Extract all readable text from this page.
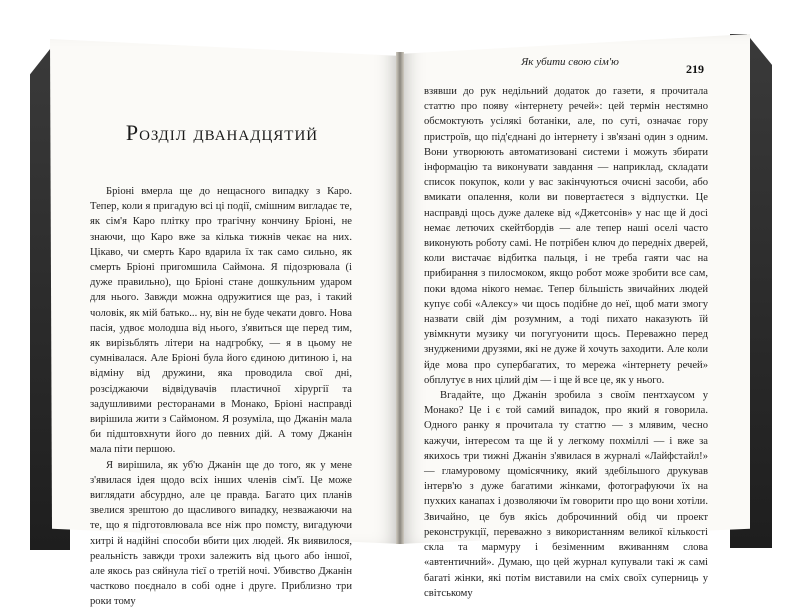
Розділ дванадцятий

Бріоні вмерла ще до нещасного випадку з Каро. Тепер, коли я пригадую всі ці події, смішним вигладає те, як сім'я Каро плітку про трагічну кончину Бріоні, не знаючи, що Каро вже за кілька тижнів чекає на них. Цікаво, чи смерть Каро вдарила їх так само сильно, як смерть Бріоні пригомшила Саймона. Я підозрювала (і дуже правильно), що Бріоні стане дошкульним ударом для нього. Завжди можна одружитися ще раз, і такий чоловік, як мій батько... ну, він не буде чекати довго. Нова пасія, удвоє молодша від нього, з'явиться ще перед тим, як вирізьблять літери на надгробку, — я в цьому не сумнівалася. Але Бріоні була його єдиною дитиною і, на відміну від дружини, яка проводила свої дні, розсіджаючи відвідувачів пластичної хірургії та задушливими ресторанами в Монако, Бріоні насправді вирішила жити з Саймоном. Я розуміла, що Джанін мала би підштовхнути його до певних дій. А тому Джанін мала піти першою.

Я вирішила, як уб'ю Джанін ще до того, як у мене з'явилася ідея щодо всіх інших членів сім'ї. Це може виглядати абсурдно, але це правда. Багато цих планів звелися зрештою до щасливого випадку, незважаючи на те, що я підготовлювала все ніж про помсту, вигадуючи хитрі й надійні способи вбити цих людей. Як виявилося, реальність завжди трохи залежить від цього або іншої, але якось раз сяйнула тієї о третій ночі. Убивство Джанін частково поєднало в собі одне і друге. Приблизно три роки тому

Як убити свою сім'ю	219

взявши до рук недільний додаток до газети, я прочитала статтю про появу «інтернету речей»: цей термін нестямно обсмоктують усілякі ботаніки, але, по суті, означає гору пристроїв, що під'єднані до інтернету і зв'язані один з одним. Вони утворюють автоматизовані системи і можуть збирати інформацію та виконувати завдання — наприклад, складати список покупок, коли у вас закінчуються очисні засоби, або вмикати опалення, коли ви повертаєтеся з відпустки. Це насправді щось дуже далеке від «Джетсонів» у нас ще й досі немає летючих скейтбордів — але тепер наші оселі часто виконують роботу самі. Не потрібен ключ до передніх дверей, коли вистачає відбитка пальця, і не треба гаяти час на прибирання з пилосмоком, якщо робот може зробити все сам, поки вдома нікого немає. Тепер більшість звичайних людей купує собі «Алексу» чи щось подібне до неї, щоб мати змогу назвати свій дім розумним, а тоді пихато наказують їй увімкнути музику чи погугуонити щось. Переважно перед знудженими друзями, які не дуже й хочуть заходити. Але коли йде мова про супербагатих, то мережа «інтернету речей» обплутує в них цілий дім — і ще й все це, як у нього.

Вгадайте, що Джанін зробила з своїм пентхаусом у Монако? Це і є той самий випадок, про який я говорила. Одного ранку я прочитала ту статтю — з млявим, чесно кажучи, інтересом та ще й у легкому похміллі — і вже за якихось три тижні Джанін з'явилася в журналі «Лайфстайл!» — гламуровому щомісячнику, який здебільшого друкував інтерв'ю з дуже багатими жінками, фотографуючи їх на пухких канапах і дозволяючи їм говорити про що вони хотіли. Звичайно, це був якісь доброчинний обід чи проект реконструкції, переважно з використанням великої кількості скла та мармуру і безіменним вживанням слова «автентичний». Думаю, що цей журнал купували такі ж самі багаті жінки, які потім виставили на сміх своїх суперниць у світському
